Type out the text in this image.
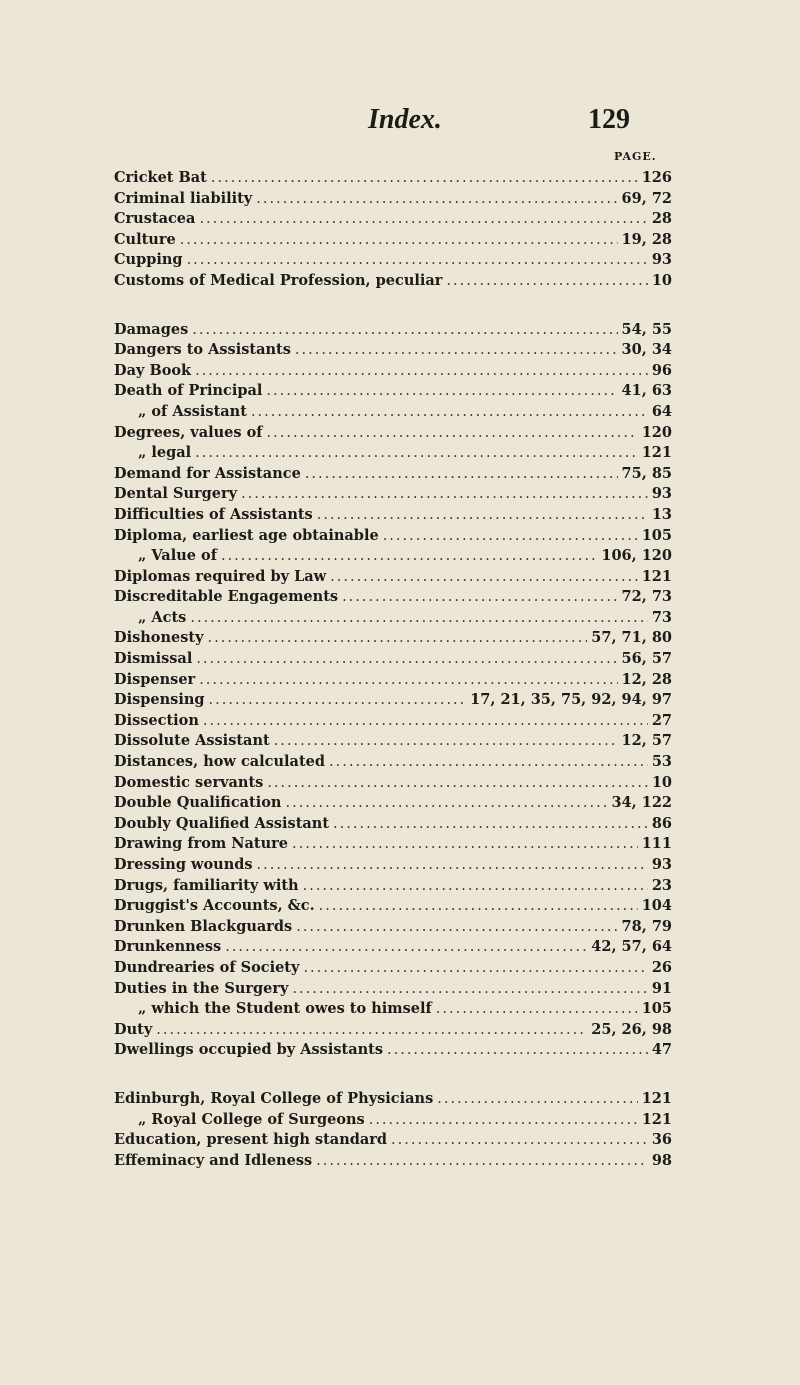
Index.	129
PAGE.
Cricket Bat .....	126
Criminal liability .....	69, 72
Crustacea .....	28
Culture .....	19, 28
Cupping .....	93
Customs of Medical Profession, peculiar .....	10
Damages .....	54, 55
Dangers to Assistants .....	30, 34
Day Book .....	96
Death of Principal .....	41, 63
„ of Assistant .....	64
Degrees, values of .....	120
„ legal .....	121
Demand for Assistance .....	75, 85
Dental Surgery .....	93
Difficulties of Assistants .....	13
Diploma, earliest age obtainable .....	105
„ Value of .....	106, 120
Diplomas required by Law .....	121
Discreditable Engagements .....	72, 73
„ Acts .....	73
Dishonesty .....	57, 71, 80
Dismissal .....	56, 57
Dispenser .....	12, 28
Dispensing .....	17, 21, 35, 75, 92, 94, 97
Dissection .....	27
Dissolute Assistant .....	12, 57
Distances, how calculated .....	53
Domestic servants .....	10
Double Qualification .....	34, 122
Doubly Qualified Assistant .....	86
Drawing from Nature .....	111
Dressing wounds .....	93
Drugs, familiarity with .....	23
Druggist's Accounts, &c. .....	104
Drunken Blackguards .....	78, 79
Drunkenness .....	42, 57, 64
Dundrearies of Society .....	26
Duties in the Surgery .....	91
„ which the Student owes to himself .....	105
Duty .....	25, 26, 98
Dwellings occupied by Assistants .....	47
Edinburgh, Royal College of Physicians .....	121
„ Royal College of Surgeons .....	121
Education, present high standard .....	36
Effeminacy and Idleness .....	98
